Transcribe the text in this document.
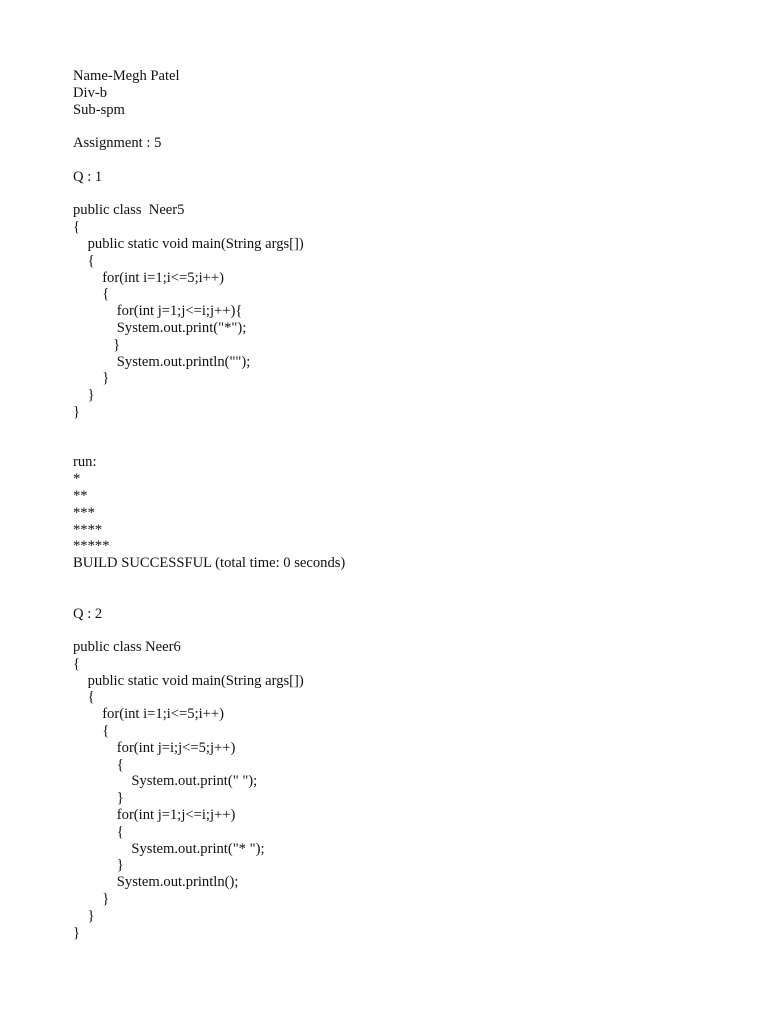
Name-Megh Patel
Div-b
Sub-spm
Assignment : 5
Q : 1
public class  Neer5
{
public static void main(String args[])
{
for(int i=1;i<=5;i++)
{
for(int j=1;j<=i;j++){
System.out.print("*");
}
System.out.println("");
}
}
}
run:
*
**
***
****
*****
BUILD SUCCESSFUL (total time: 0 seconds)
Q : 2
public class Neer6
{
public static void main(String args[])
{
for(int i=1;i<=5;i++)
{
for(int j=i;j<=5;j++)
{
System.out.print(" ");
}
for(int j=1;j<=i;j++)
{
System.out.print("* ");
}
System.out.println();
}
}
}
